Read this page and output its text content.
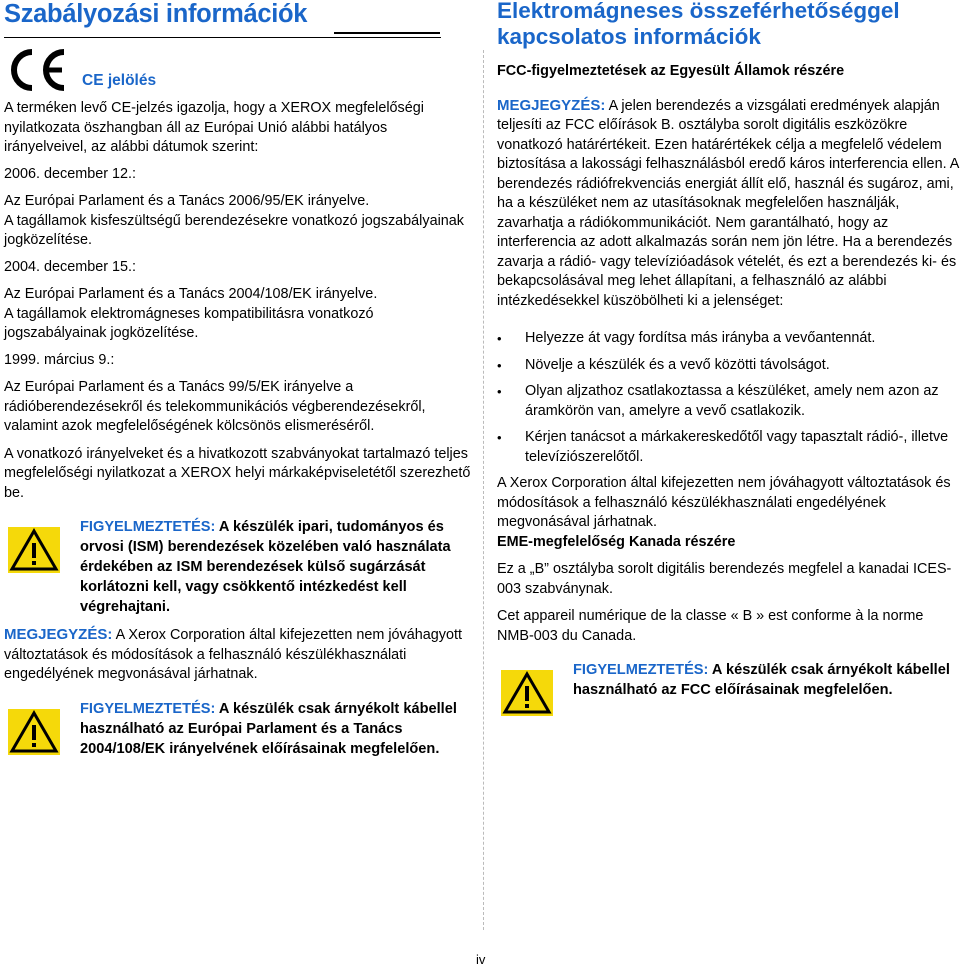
Szabályozási információk
CE jelölés

A terméken levő CE-jelzés igazolja, hogy a XEROX megfelelőségi nyilatkozata öszhangban áll az Európai Unió alábbi hatályos irányelveivel, az alábbi dátumok szerint:

2006. december 12.:

Az Európai Parlament és a Tanács 2006/95/EK irányelve.

A tagállamok kisfeszültségű berendezésekre vonatkozó jogszabályainak jogközelítése.

2004. december 15.:

Az Európai Parlament és a Tanács 2004/108/EK irányelve.

A tagállamok elektromágneses kompatibilitásra vonatkozó jogszabályainak jogközelítése.

1999. március 9.:

Az Európai Parlament és a Tanács 99/5/EK irányelve a rádióberendezésekről és telekommunikációs végberendezésekről, valamint azok megfelelőségének kölcsönös elismeréséről.

A vonatkozó irányelveket és a hivatkozott szabványokat tartalmazó teljes megfelelőségi nyilatkozat a XEROX helyi márkaképviseletétől szerezhető be.

FIGYELMEZTETÉS: A készülék ipari, tudományos és orvosi (ISM) berendezések közelében való használata érdekében az ISM berendezések külső sugárzását korlátozni kell, vagy csökkentő intézkedést kell végrehajtani.

MEGJEGYZÉS: A Xerox Corporation által kifejezetten nem jóváhagyott változtatások és módosítások a felhasználó készülékhasználati engedélyének megvonásával járhatnak.

FIGYELMEZTETÉS: A készülék csak árnyékolt kábellel használható az Európai Parlament és a Tanács 2004/108/EK irányelvének előírásainak megfelelően.

Elektromágneses összeférhetőséggel kapcsolatos információk

FCC-figyelmeztetések az Egyesült Államok részére

MEGJEGYZÉS: A jelen berendezés a vizsgálati eredmények alapján teljesíti az FCC előírások B. osztályba sorolt digitális eszközökre vonatkozó határértékeit. Ezen határértékek célja a megfelelő védelem biztosítása a lakossági felhasználásból eredő káros interferencia ellen. A berendezés rádiófrekvenciás energiát állít elő, használ és sugároz, ami, ha a készüléket nem az utasításoknak megfelelően használják, zavarhatja a rádiókommunikációt. Nem garantálható, hogy az interferencia az adott alkalmazás során nem jön létre. Ha a berendezés zavarja a rádió- vagy televízióadások vételét, és ezt a berendezés ki- és bekapcsolásával meg lehet állapítani, a felhasználó az alábbi intézkedésekkel küszöbölheti ki a jelenséget:

• Helyezze át vagy fordítsa más irányba a vevőantennát.
• Növelje a készülék és a vevő közötti távolságot.
• Olyan aljzathoz csatlakoztassa a készüléket, amely nem azon az áramkörön van, amelyre a vevő csatlakozik.
• Kérjen tanácsot a márkakereskedőtől vagy tapasztalt rádió-, illetve televíziószerelőtől.

A Xerox Corporation által kifejezetten nem jóváhagyott változtatások és módosítások a felhasználó készülékhasználati engedélyének megvonásával járhatnak.

EME-megfelelőség Kanada részére

Ez a „B” osztályba sorolt digitális berendezés megfelel a kanadai ICES-003 szabványnak.

Cet appareil numérique de la classe « B » est conforme à la norme NMB-003 du Canada.

FIGYELMEZTETÉS: A készülék csak árnyékolt kábellel használható az FCC előírásainak megfelelően.

iv
